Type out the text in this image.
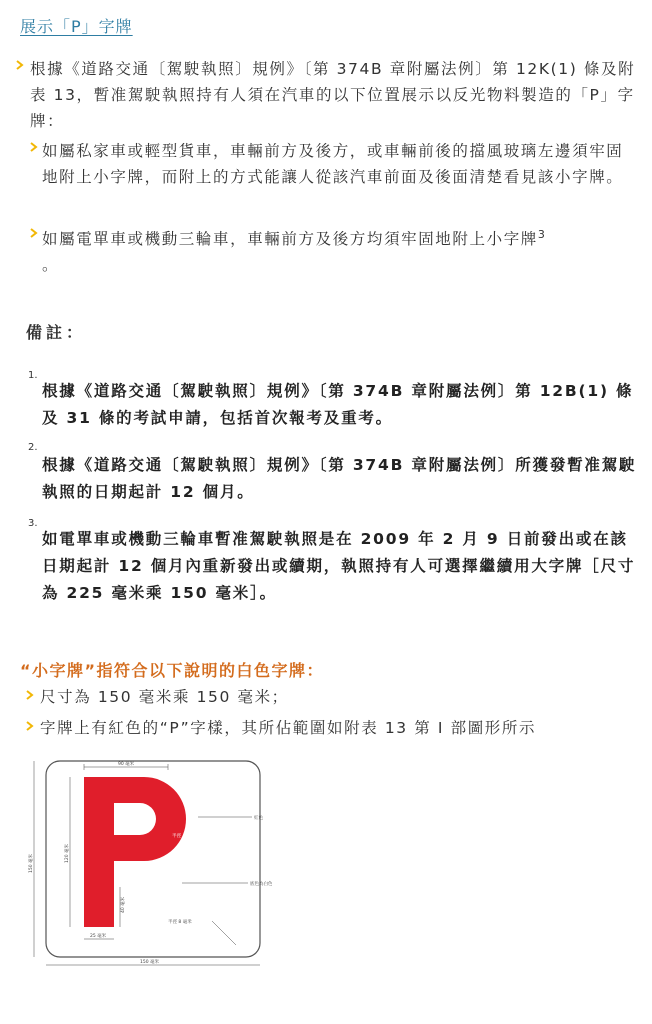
展示「P」字牌
根據《道路交通〔駕駛執照〕規例》〔第 374B 章附屬法例〕第 12K(1) 條及附表 13，暫准駕駛執照持有人須在汽車的以下位置展示以反光物料製造的「P」字牌：
如屬私家車或輕型貨車，車輛前方及後方，或車輛前後的擋風玻璃左邊須牢固地附上小字牌，而附上的方式能讓人從該汽車前面及後面清楚看見該小字牌。
如屬電單車或機動三輪車，車輛前方及後方均須牢固地附上小字牌$^3$
。
備註：
1.
根據《道路交通〔駕駛執照〕規例》〔第 374B 章附屬法例〕第 12B(1) 條及 31 條的考試申請，包括首次報考及重考。
2.
根據《道路交通〔駕駛執照〕規例》〔第 374B 章附屬法例〕所獲發暫准駕駛執照的日期起計 12 個月。
3.
如電單車或機動三輪車暫准駕駛執照是在 2009 年 2 月 9 日前發出或在該日期起計 12 個月內重新發出或續期，執照持有人可選擇繼續用大字牌［尺寸為 225 毫米乘 150 毫米］。
“小字牌”指符合以下說明的白色字牌：
尺寸為 150 毫米乘 150 毫米；
字牌上有紅色的“P”字樣，其所佔範圍如附表 13 第 I 部圖形所示
90 毫米
150 毫米
120 毫米
150 毫米
25 毫米
40 毫米
半徑 15 毫米
半徑 40 毫米
紅色
底色為白色
半徑 8 毫米
